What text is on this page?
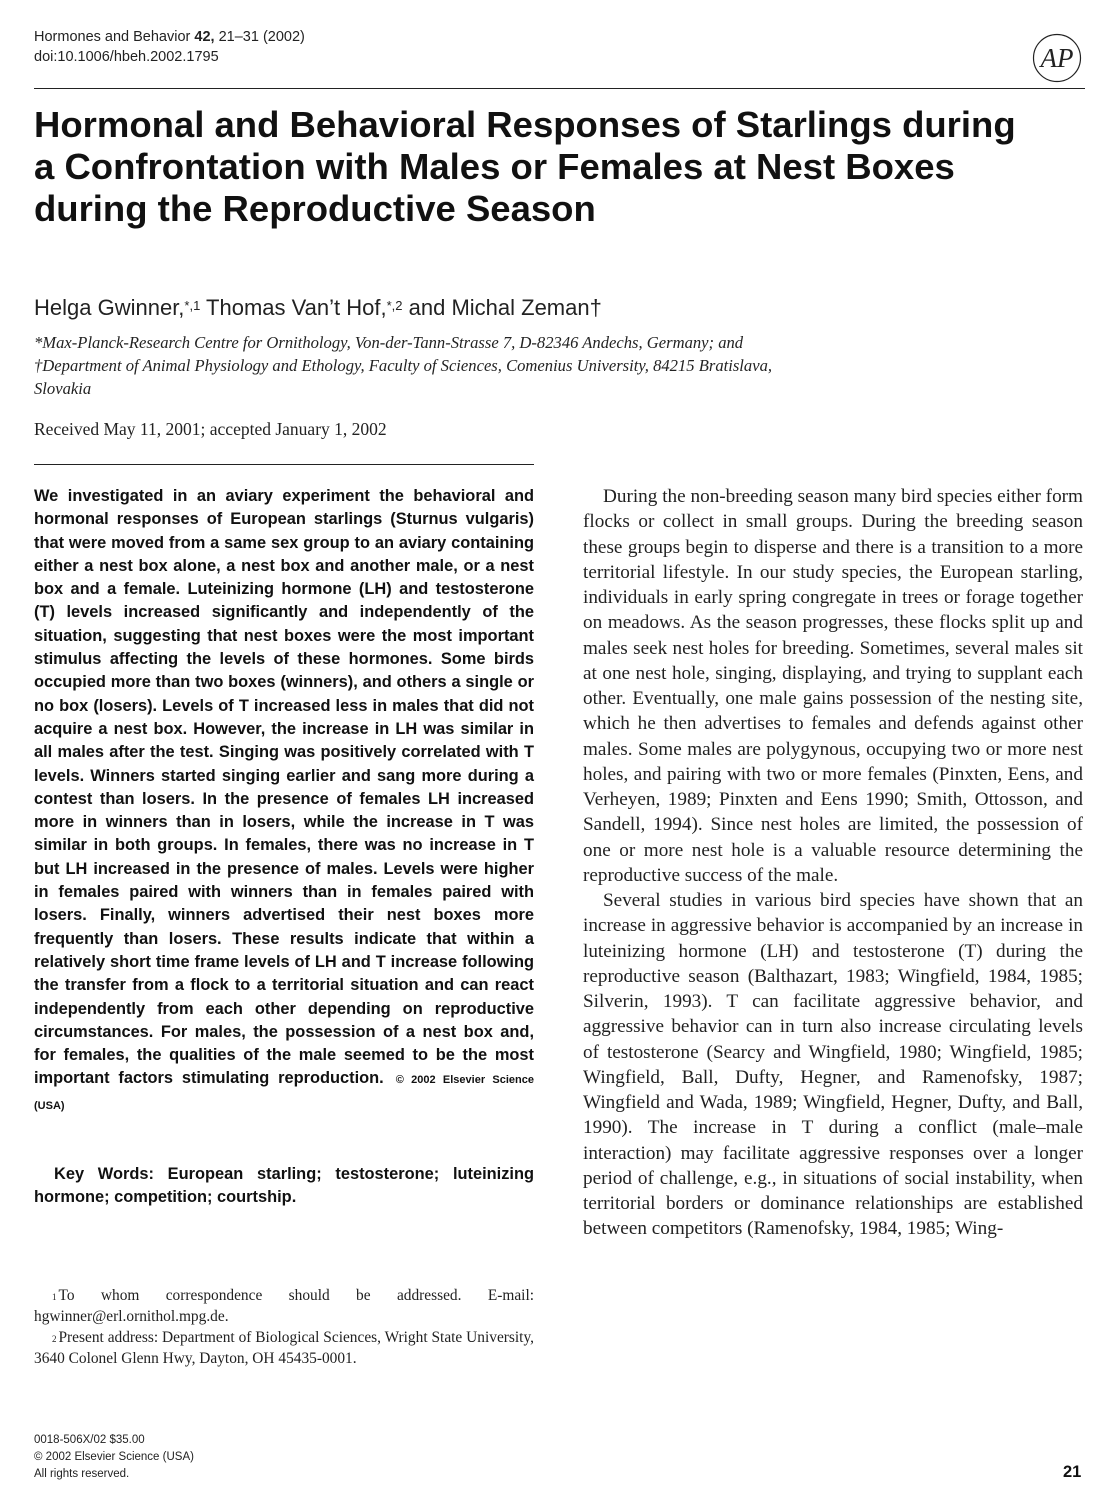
Hormones and Behavior 42, 21–31 (2002)
doi:10.1006/hbeh.2002.1795	AP
Hormonal and Behavioral Responses of Starlings during a Confrontation with Males or Females at Nest Boxes during the Reproductive Season
Helga Gwinner,$^{*,1}$ Thomas Van’t Hof,$^{*,2}$ and Michal Zeman†
*Max-Planck-Research Centre for Ornithology, Von-der-Tann-Strasse 7, D-82346 Andechs, Germany; and †Department of Animal Physiology and Ethology, Faculty of Sciences, Comenius University, 84215 Bratislava, Slovakia
Received May 11, 2001; accepted January 1, 2002
We investigated in an aviary experiment the behavioral and hormonal responses of European starlings (Sturnus vulgaris) that were moved from a same sex group to an aviary containing either a nest box alone, a nest box and another male, or a nest box and a female. Luteinizing hormone (LH) and testosterone (T) levels increased significantly and independently of the situation, suggesting that nest boxes were the most important stimulus affecting the levels of these hormones. Some birds occupied more than two boxes (winners), and others a single or no box (losers). Levels of T increased less in males that did not acquire a nest box. However, the increase in LH was similar in all males after the test. Singing was positively correlated with T levels. Winners started singing earlier and sang more during a contest than losers. In the presence of females LH increased more in winners than in losers, while the increase in T was similar in both groups. In females, there was no increase in T but LH increased in the presence of males. Levels were higher in females paired with winners than in females paired with losers. Finally, winners advertised their nest boxes more frequently than losers. These results indicate that within a relatively short time frame levels of LH and T increase following the transfer from a flock to a territorial situation and can react independently from each other depending on reproductive circumstances. For males, the possession of a nest box and, for females, the qualities of the male seemed to be the most important factors stimulating reproduction. © 2002 Elsevier Science (USA)
Key Words: European starling; testosterone; luteinizing hormone; competition; courtship.
$^1$ To whom correspondence should be addressed. E-mail: hgwinner@erl.ornithol.mpg.de.
$^2$ Present address: Department of Biological Sciences, Wright State University, 3640 Colonel Glenn Hwy, Dayton, OH 45435-0001.

During the non-breeding season many bird species either form flocks or collect in small groups. During the breeding season these groups begin to disperse and there is a transition to a more territorial lifestyle. In our study species, the European starling, individuals in early spring congregate in trees or forage together on meadows. As the season progresses, these flocks split up and males seek nest holes for breeding. Sometimes, several males sit at one nest hole, singing, displaying, and trying to supplant each other. Eventually, one male gains possession of the nesting site, which he then advertises to females and defends against other males. Some males are polygynous, occupying two or more nest holes, and pairing with two or more females (Pinxten, Eens, and Verheyen, 1989; Pinxten and Eens 1990; Smith, Ottosson, and Sandell, 1994). Since nest holes are limited, the possession of one or more nest hole is a valuable resource determining the reproductive success of the male.

Several studies in various bird species have shown that an increase in aggressive behavior is accompanied by an increase in luteinizing hormone (LH) and testosterone (T) during the reproductive season (Balthazart, 1983; Wingfield, 1984, 1985; Silverin, 1993). T can facilitate aggressive behavior, and aggressive behavior can in turn also increase circulating levels of testosterone (Searcy and Wingfield, 1980; Wingfield, 1985; Wingfield, Ball, Dufty, Hegner, and Ramenofsky, 1987; Wingfield and Wada, 1989; Wingfield, Hegner, Dufty, and Ball, 1990). The increase in T during a conflict (male–male interaction) may facilitate aggressive responses over a longer period of challenge, e.g., in situations of social instability, when territorial borders or dominance relationships are established between competitors (Ramenofsky, 1984, 1985; Wing-

0018-506X/02 $35.00
© 2002 Elsevier Science (USA)
All rights reserved.	21
